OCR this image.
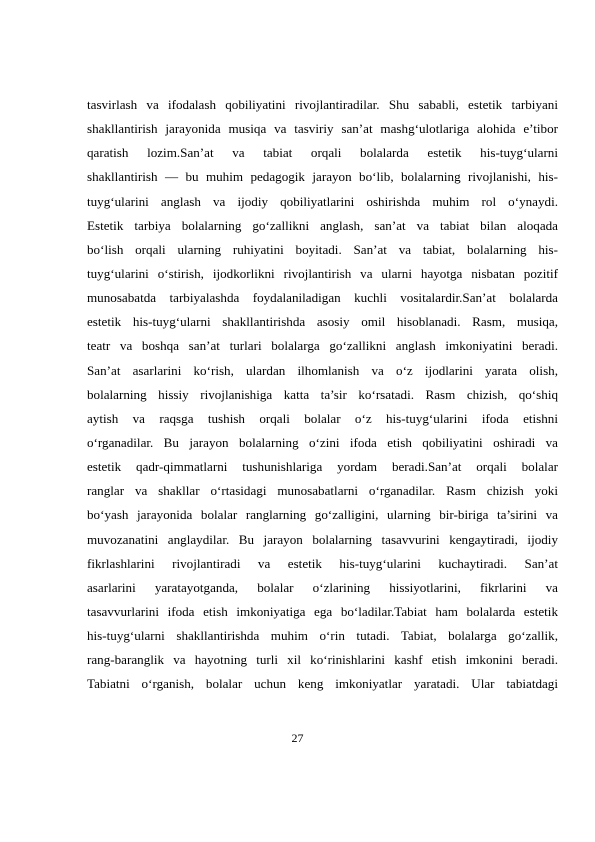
tasvirlash va ifodalash qobiliyatini rivojlantiradilar. Shu sababli, estetik tarbiyani
shakllantirish jarayonida musiqa va tasviriy san’at mashg‘ulotlariga alohida e’tibor
qaratish lozim.San’at va tabiat orqali bolalarda estetik his-tuyg‘ularni
shakllantirish — bu muhim pedagogik jarayon bo‘lib, bolalarning rivojlanishi, his-
tuyg‘ularini anglash va ijodiy qobiliyatlarini oshirishda muhim rol o‘ynaydi.
Estetik tarbiya bolalarning go‘zallikni anglash, san’at va tabiat bilan aloqada
bo‘lish orqali ularning ruhiyatini boyitadi. San’at va tabiat, bolalarning his-
tuyg‘ularini o‘stirish, ijodkorlikni rivojlantirish va ularni hayotga nisbatan pozitif
munosabatda tarbiyalashda foydalaniladigan kuchli vositalardir.San’at bolalarda
estetik his-tuyg‘ularni shakllantirishda asosiy omil hisoblanadi. Rasm, musiqa,
teatr va boshqa san’at turlari bolalarga go‘zallikni anglash imkoniyatini beradi.
San’at asarlarini ko‘rish, ulardan ilhomlanish va o‘z ijodlarini yarata olish,
bolalarning hissiy rivojlanishiga katta ta’sir ko‘rsatadi. Rasm chizish, qo‘shiq
aytish va raqsga tushish orqali bolalar o‘z his-tuyg‘ularini ifoda etishni
o‘rganadilar. Bu jarayon bolalarning o‘zini ifoda etish qobiliyatini oshiradi va
estetik qadr-qimmatlarni tushunishlariga yordam beradi.San’at orqali bolalar
ranglar va shakllar o‘rtasidagi munosabatlarni o‘rganadilar. Rasm chizish yoki
bo‘yash jarayonida bolalar ranglarning go‘zalligini, ularning bir-biriga ta’sirini va
muvozanatini anglaydilar. Bu jarayon bolalarning tasavvurini kengaytiradi, ijodiy
fikrlashlarini rivojlantiradi va estetik his-tuyg‘ularini kuchaytiradi. San’at
asarlarini yaratayotganda, bolalar o‘zlarining hissiyotlarini, fikrlarini va
tasavvurlarini ifoda etish imkoniyatiga ega bo‘ladilar.Tabiat ham bolalarda estetik
his-tuyg‘ularni shakllantirishda muhim o‘rin tutadi. Tabiat, bolalarga go‘zallik,
rang-baranglik va hayotning turli xil ko‘rinishlarini kashf etish imkonini beradi.
Tabiatni o‘rganish, bolalar uchun keng imkoniyatlar yaratadi. Ular tabiatdagi
27
